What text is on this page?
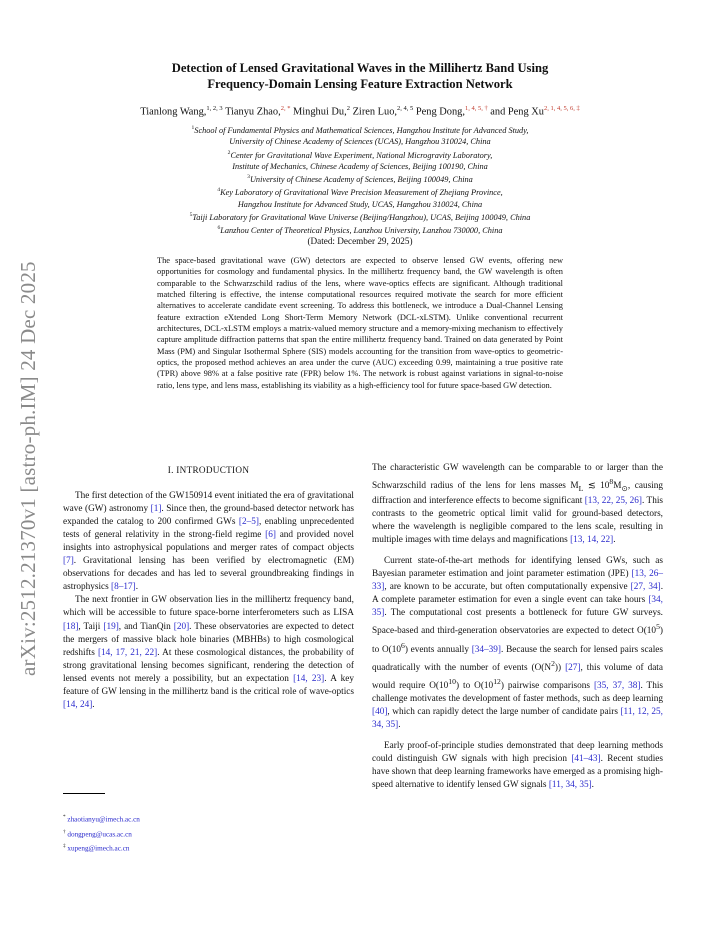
arXiv:2512.21370v1 [astro-ph.IM] 24 Dec 2025
Detection of Lensed Gravitational Waves in the Millihertz Band Using
Frequency-Domain Lensing Feature Extraction Network
Tianlong Wang,$^{1, 2, 3}$ Tianyu Zhao,$^{2, *}$ Minghui Du,$^2$ Ziren Luo,$^{2, 4, 5}$ Peng Dong,$^{1, 4, 5, \dagger}$ and Peng $Xu^{2, 1, 4, 5, 6, \ddagger}$
$^1$School of Fundamental Physics and Mathematical Sciences, Hangzhou Institute for Advanced Study,
University of Chinese Academy of Sciences (UCAS), Hangzhou 310024, China
$^2$Center for Gravitational Wave Experiment, National Microgravity Laboratory,
Institute of Mechanics, Chinese Academy of Sciences, Beijing 100190, China
$^3$University of Chinese Academy of Sciences, Beijing 100049, China
$^4$Key Laboratory of Gravitational Wave Precision Measurement of Zhejiang Province,
Hangzhou Institute for Advanced Study, UCAS, Hangzhou 310024, China
$^5$Taiji Laboratory for Gravitational Wave Universe (Beijing/Hangzhou), UCAS, Beijing 100049, China
$^6$Lanzhou Center of Theoretical Physics, Lanzhou University, Lanzhou 730000, China
(Dated: December 29, 2025)
The space-based gravitational wave (GW) detectors are expected to observe lensed GW events, offering new opportunities for cosmology and fundamental physics. In the millihertz frequency band, the GW wavelength is often comparable to the Schwarzschild radius of the lens, where wave-optics effects are significant. Although traditional matched filtering is effective, the intense computational resources required motivate the search for more efficient alternatives to accelerate candidate event screening. To address this bottleneck, we introduce a Dual-Channel Lensing feature extraction eXtended Long Short-Term Memory Network (DCL-xLSTM). Unlike conventional recurrent architectures, DCL-xLSTM employs a matrix-valued memory structure and a memory-mixing mechanism to effectively capture amplitude diffraction patterns that span the entire millihertz frequency band. Trained on data generated by Point Mass (PM) and Singular Isothermal Sphere (SIS) models accounting for the transition from wave-optics to geometric-optics, the proposed method achieves an area under the curve (AUC) exceeding 0.99, maintaining a true positive rate (TPR) above 98% at a false positive rate (FPR) below 1%. The network is robust against variations in signal-to-noise ratio, lens type, and lens mass, establishing its viability as a high-efficiency tool for future space-based GW detection.

I. INTRODUCTION

The first detection of the GW150914 event initiated the era of gravitational wave (GW) astronomy [1]. Since then, the ground-based detector network has expanded the catalog to 200 confirmed GWs [2–5], enabling unprecedented tests of general relativity in the strong-field regime [6] and provided novel insights into astrophysical populations and merger rates of compact objects [7]. Gravitational lensing has been verified by electromagnetic (EM) observations for decades and has led to several groundbreaking findings in astrophysics [8–17].

The next frontier in GW observation lies in the millihertz frequency band, which will be accessible to future space-borne interferometers such as LISA [18], Taiji [19], and TianQin [20]. These observatories are expected to detect the mergers of massive black hole binaries (MBHBs) to high cosmological redshifts [14, 17, 21, 22]. At these cosmological distances, the probability of strong gravitational lensing becomes significant, rendering the detection of lensed events not merely a possibility, but an expectation [14, 23]. A key feature of GW lensing in the millihertz band is the critical role of wave-optics [14, 24].

* zhaotianyu@imech.ac.cn
† dongpeng@ucas.ac.cn
‡ xupeng@imech.ac.cn

The characteristic GW wavelength can be comparable to or larger than the Schwarzschild radius of the lens for lens masses $M_L$ ≲ $10^8M_⊙$, causing diffraction and interference effects to become significant [13, 22, 25, 26]. This contrasts to the geometric optical limit valid for ground-based detectors, where the wavelength is negligible compared to the lens scale, resulting in multiple images with time delays and magnifications [13, 14, 22].

Current state-of-the-art methods for identifying lensed GWs, such as Bayesian parameter estimation and joint parameter estimation (JPE) [13, 26–33], are known to be accurate, but often computationally expensive [27, 34]. A complete parameter estimation for even a single event can take hours [34, 35]. The computational cost presents a bottleneck for future GW surveys. Space-based and third-generation observatories are expected to detect $O(10^5)$ to $O(10^6)$ events annually [34–39]. Because the search for lensed pairs scales quadratically with the number of events $(O(N^2))$ [27], this volume of data would require $O(10^{10})$ to $O(10^{12})$ pairwise comparisons [35, 37, 38]. This challenge motivates the development of faster methods, such as deep learning [40], which can rapidly detect the large number of candidate pairs [11, 12, 25, 34, 35].

Early proof-of-principle studies demonstrated that deep learning methods could distinguish GW signals with high precision [41–43]. Recent studies have shown that deep learning frameworks have emerged as a promising high-speed alternative to identify lensed GW signals [11, 34, 35].
